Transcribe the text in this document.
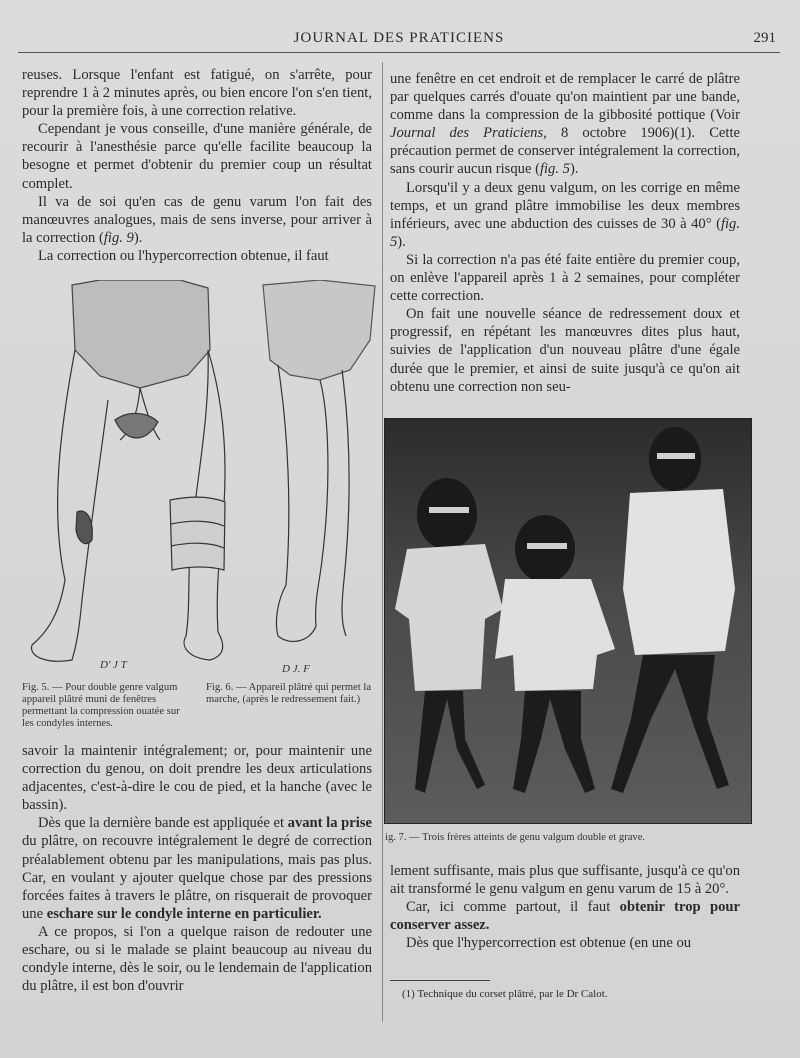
JOURNAL DES PRATICIENS	291

reuses. Lorsque l'enfant est fatigué, on s'arrête, pour reprendre 1 à 2 minutes après, ou bien encore l'on s'en tient, pour la première fois, à une correction relative.

Cependant je vous conseille, d'une manière générale, de recourir à l'anesthésie parce qu'elle facilite beaucoup la besogne et permet d'obtenir du premier coup un résultat complet.

Il va de soi qu'en cas de genu varum l'on fait des manœuvres analogues, mais de sens inverse, pour arriver à la correction (fig. 9).

La correction ou l'hypercorrection obtenue, il faut

D' J T	D J. F
Fig. 5. — Pour double genre valgum appareil plâtré muni de fenêtres permettant la compression ouatée sur les condyles internes.
Fig. 6. — Appareil plâtré qui permet la marche, (après le redressement fait.)

savoir la maintenir intégralement; or, pour maintenir une correction du genou, on doit prendre les deux articulations adjacentes, c'est-à-dire le cou de pied, et la hanche (avec le bassin).

Dès que la dernière bande est appliquée et avant la prise du plâtre, on recouvre intégralement le degré de correction préalablement obtenu par les manipulations, mais pas plus. Car, en voulant y ajouter quelque chose par des pressions forcées faites à travers le plâtre, on risquerait de provoquer une eschare sur le condyle interne en particulier.

A ce propos, si l'on a quelque raison de redouter une eschare, ou si le malade se plaint beaucoup au niveau du condyle interne, dès le soir, ou le lendemain de l'application du plâtre, il est bon d'ouvrir

une fenêtre en cet endroit et de remplacer le carré de plâtre par quelques carrés d'ouate qu'on maintient par une bande, comme dans la compression de la gibbosité pottique (Voir Journal des Praticiens, 8 octobre 1906)(1). Cette précaution permet de conserver intégralement la correction, sans courir aucun risque (fig. 5).

Lorsqu'il y a deux genu valgum, on les corrige en même temps, et un grand plâtre immobilise les deux membres inférieurs, avec une abduction des cuisses de 30 à 40° (fig. 5).

Si la correction n'a pas été faite entière du premier coup, on enlève l'appareil après 1 à 2 semaines, pour compléter cette correction.

On fait une nouvelle séance de redressement doux et progressif, en répétant les manœuvres dites plus haut, suivies de l'application d'un nouveau plâtre d'une égale durée que le premier, et ainsi de suite jusqu'à ce qu'on ait obtenu une correction non seu-

ig. 7. — Trois frères atteints de genu valgum double et grave.

lement suffisante, mais plus que suffisante, jusqu'à ce qu'on ait transformé le genu valgum en genu varum de 15 à 20°.

Car, ici comme partout, il faut obtenir trop pour conserver assez.

Dès que l'hypercorrection est obtenue (en une ou

(1) Technique du corset plâtré, par le Dr Calot.
